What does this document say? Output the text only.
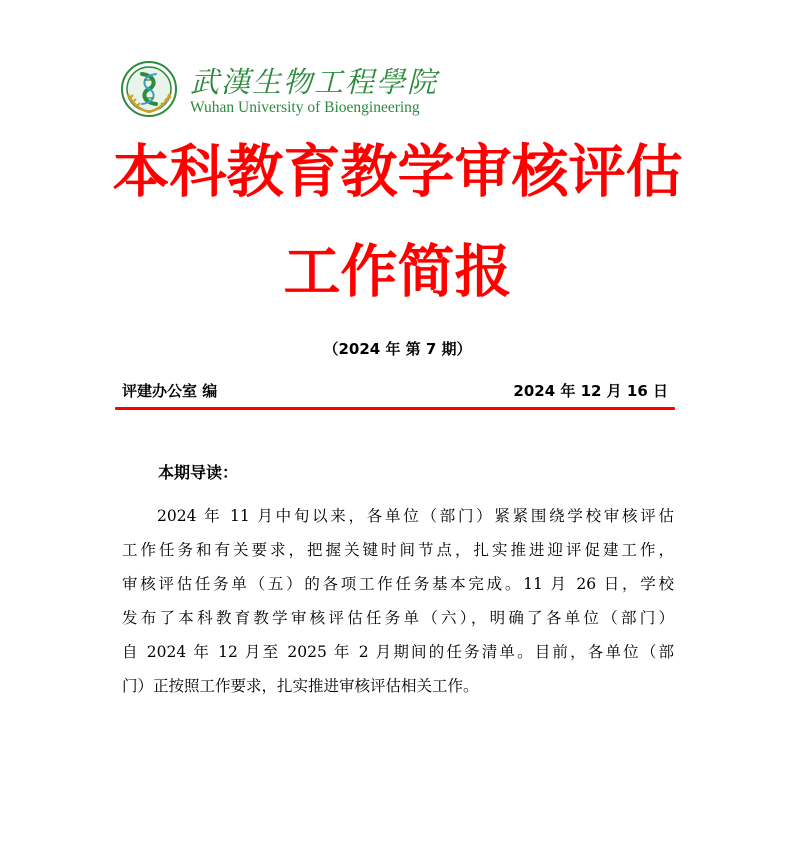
武漢生物工程學院
Wuhan University of Bioengineering
本科教育教学审核评估
工作简报
（2024 年 第 7 期）
评建办公室 编	2024 年 12 月 16 日
本期导读：
2024 年 11 月中旬以来，各单位（部门）紧紧围绕学校审核评估
工作任务和有关要求，把握关键时间节点，扎实推进迎评促建工作，
审核评估任务单（五）的各项工作任务基本完成。11 月 26 日，学校
发布了本科教育教学审核评估任务单（六），明确了各单位（部门）
自 2024 年 12 月至 2025 年 2 月期间的任务清单。目前，各单位（部
门）正按照工作要求，扎实推进审核评估相关工作。
